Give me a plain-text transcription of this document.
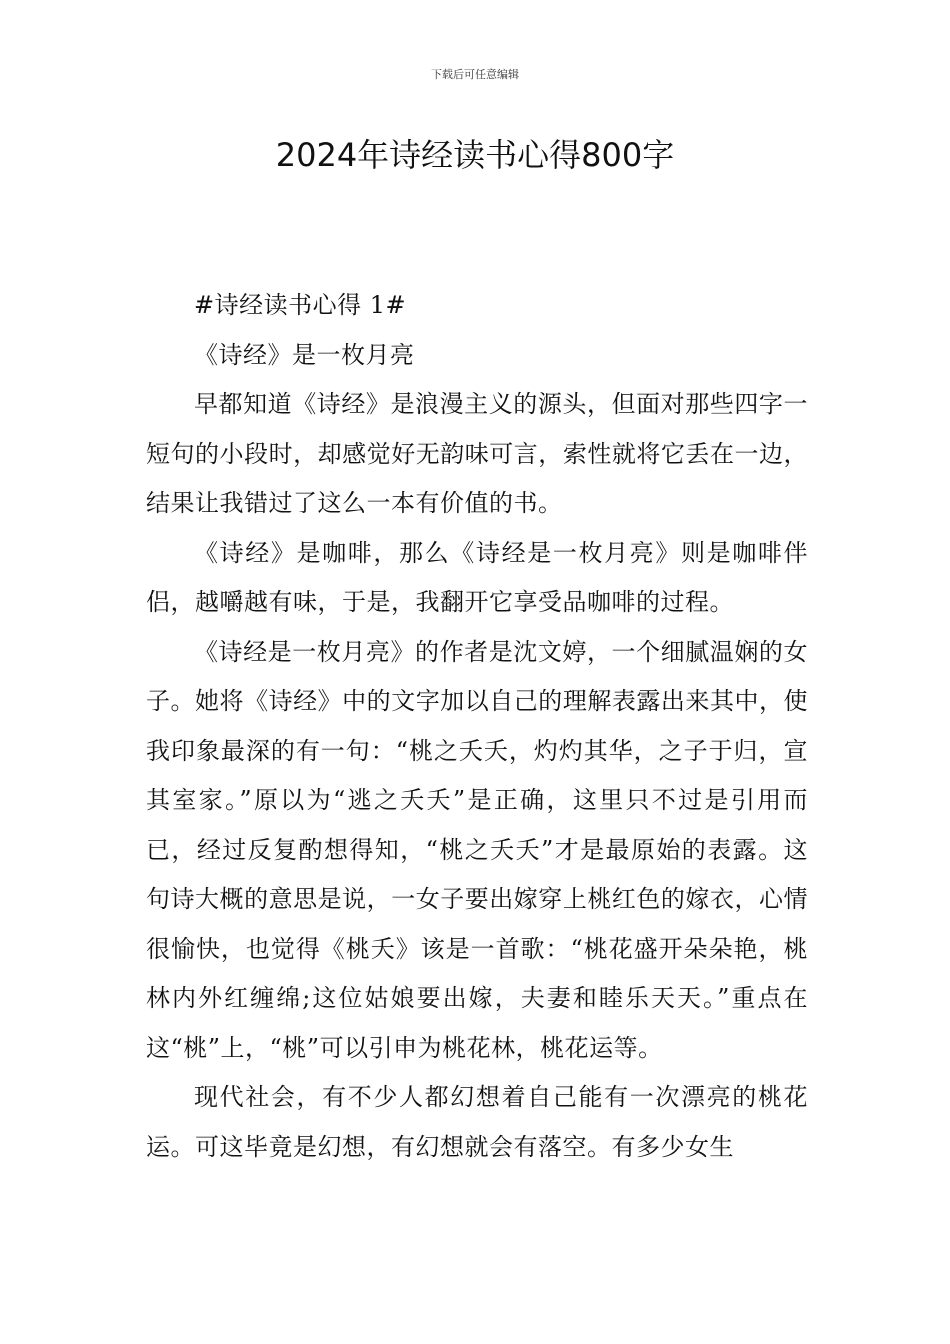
下载后可任意编辑
2024年诗经读书心得800字

#诗经读书心得 1#

《诗经》是一枚月亮

早都知道《诗经》是浪漫主义的源头，但面对那些四字一短句的小段时，却感觉好无韵味可言，索性就将它丢在一边，结果让我错过了这么一本有价值的书。

《诗经》是咖啡，那么《诗经是一枚月亮》则是咖啡伴侣，越嚼越有味，于是，我翻开它享受品咖啡的过程。

《诗经是一枚月亮》的作者是沈文婷，一个细腻温娴的女子。她将《诗经》中的文字加以自己的理解表露出来其中，使我印象最深的有一句：“桃之夭夭，灼灼其华，之子于归，宣其室家。”原以为“逃之夭夭”是正确，这里只不过是引用而已，经过反复酌想得知，“桃之夭夭”才是最原始的表露。这句诗大概的意思是说，一女子要出嫁穿上桃红色的嫁衣，心情很愉快，也觉得《桃夭》该是一首歌：“桃花盛开朵朵艳，桃林内外红缠绵;这位姑娘要出嫁，夫妻和睦乐天天。”重点在这“桃”上，“桃”可以引申为桃花林，桃花运等。

现代社会，有不少人都幻想着自己能有一次漂亮的桃花运。可这毕竟是幻想，有幻想就会有落空。有多少女生
